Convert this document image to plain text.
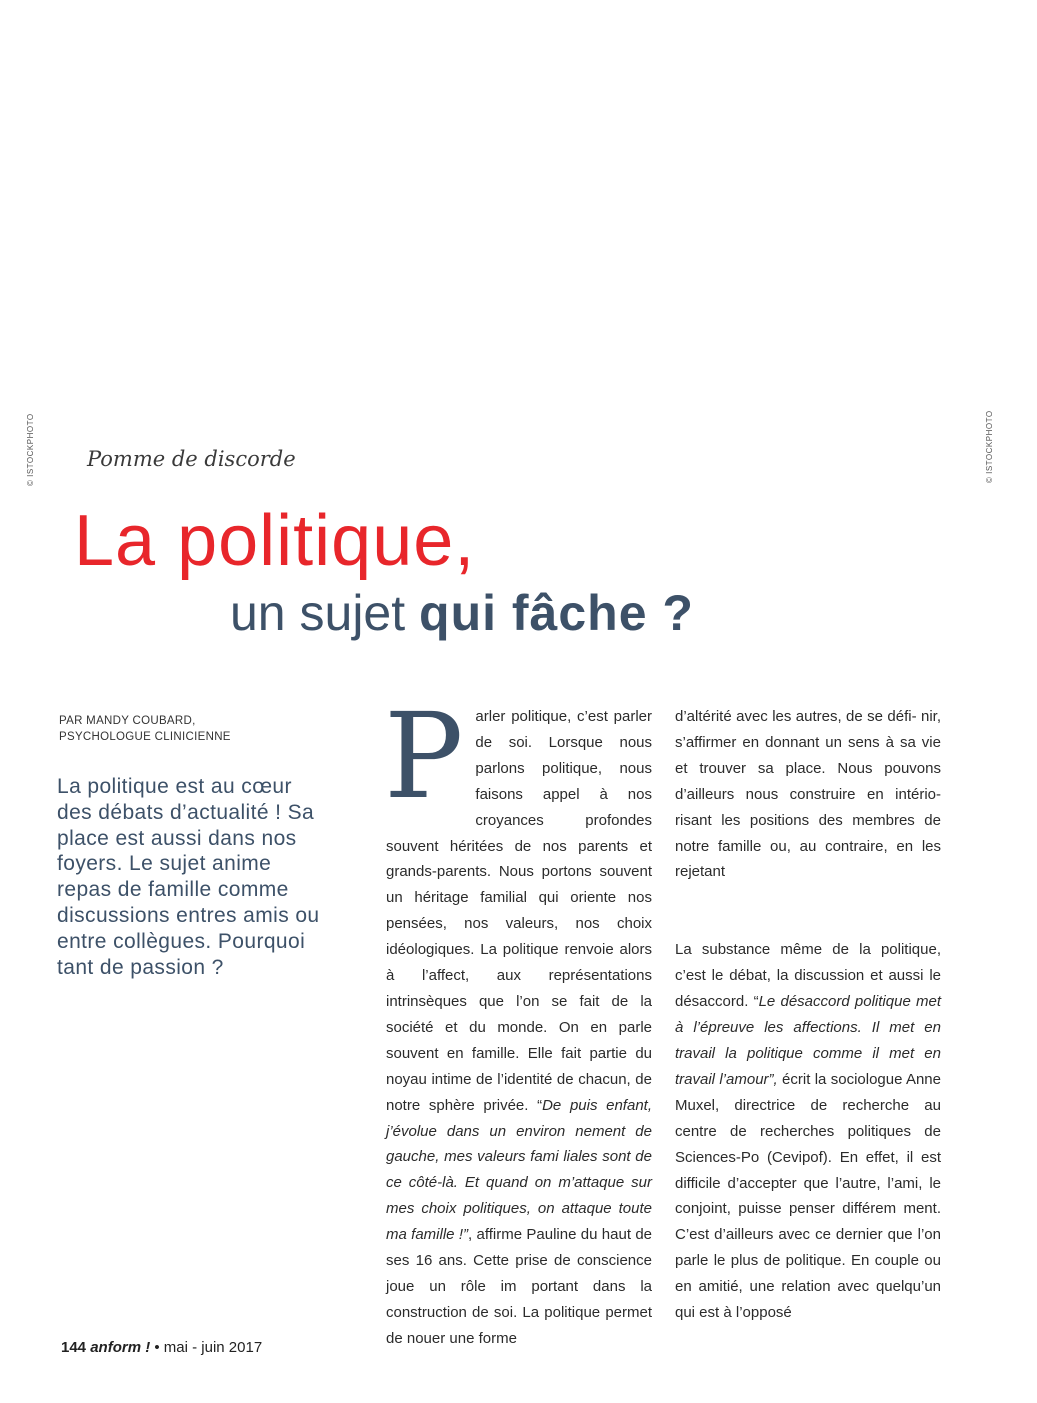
© ISTOCKPHOTO	© ISTOCKPHOTO
Pomme de discorde
La politique,
un sujet qui fâche ?
PAR MANDY COUBARD,
PSYCHOLOGUE CLINICIENNE
La politique est au cœur des débats d’actualité ! Sa place est aussi dans nos foyers. Le sujet anime repas de famille comme discussions entres amis ou entre collègues. Pourquoi tant de passion ?

Parler politique, c’est parler de soi. Lorsque nous parlons politique, nous faisons appel à nos croyances profondes souvent héritées de nos parents et grands-parents. Nous portons souvent un héritage familial qui oriente nos pensées, nos valeurs, nos choix idéologiques. La politique renvoie alors à l’affect, aux représentations intrinsèques que l’on se fait de la société et du monde. On en parle souvent en famille. Elle fait partie du noyau intime de l’identité de chacun, de notre sphère privée. “De puis enfant, j’évolue dans un environ nement de gauche, mes valeurs fami liales sont de ce côté-là. Et quand on m’attaque sur mes choix politiques, on attaque toute ma famille !”, affirme Pauline du haut de ses 16 ans. Cette prise de conscience joue un rôle im portant dans la construction de soi. La politique permet de nouer une forme

d’altérité avec les autres, de se défi- nir, s’affirmer en donnant un sens à sa vie et trouver sa place. Nous pouvons d’ailleurs nous construire en intério- risant les positions des membres de notre famille ou, au contraire, en les rejetant

La substance même de la politique, c’est le débat, la discussion et aussi le désaccord. “Le désaccord politique met à l’épreuve les affections. Il met en travail la politique comme il met en travail l’amour”, écrit la sociologue Anne Muxel, directrice de recherche au centre de recherches politiques de Sciences-Po (Cevipof). En effet, il est difficile d’accepter que l’autre, l’ami, le conjoint, puisse penser différem ment. C’est d’ailleurs avec ce dernier que l’on parle le plus de politique. En couple ou en amitié, une relation avec quelqu’un qui est à l’opposé

144 anform ! • mai - juin 2017
